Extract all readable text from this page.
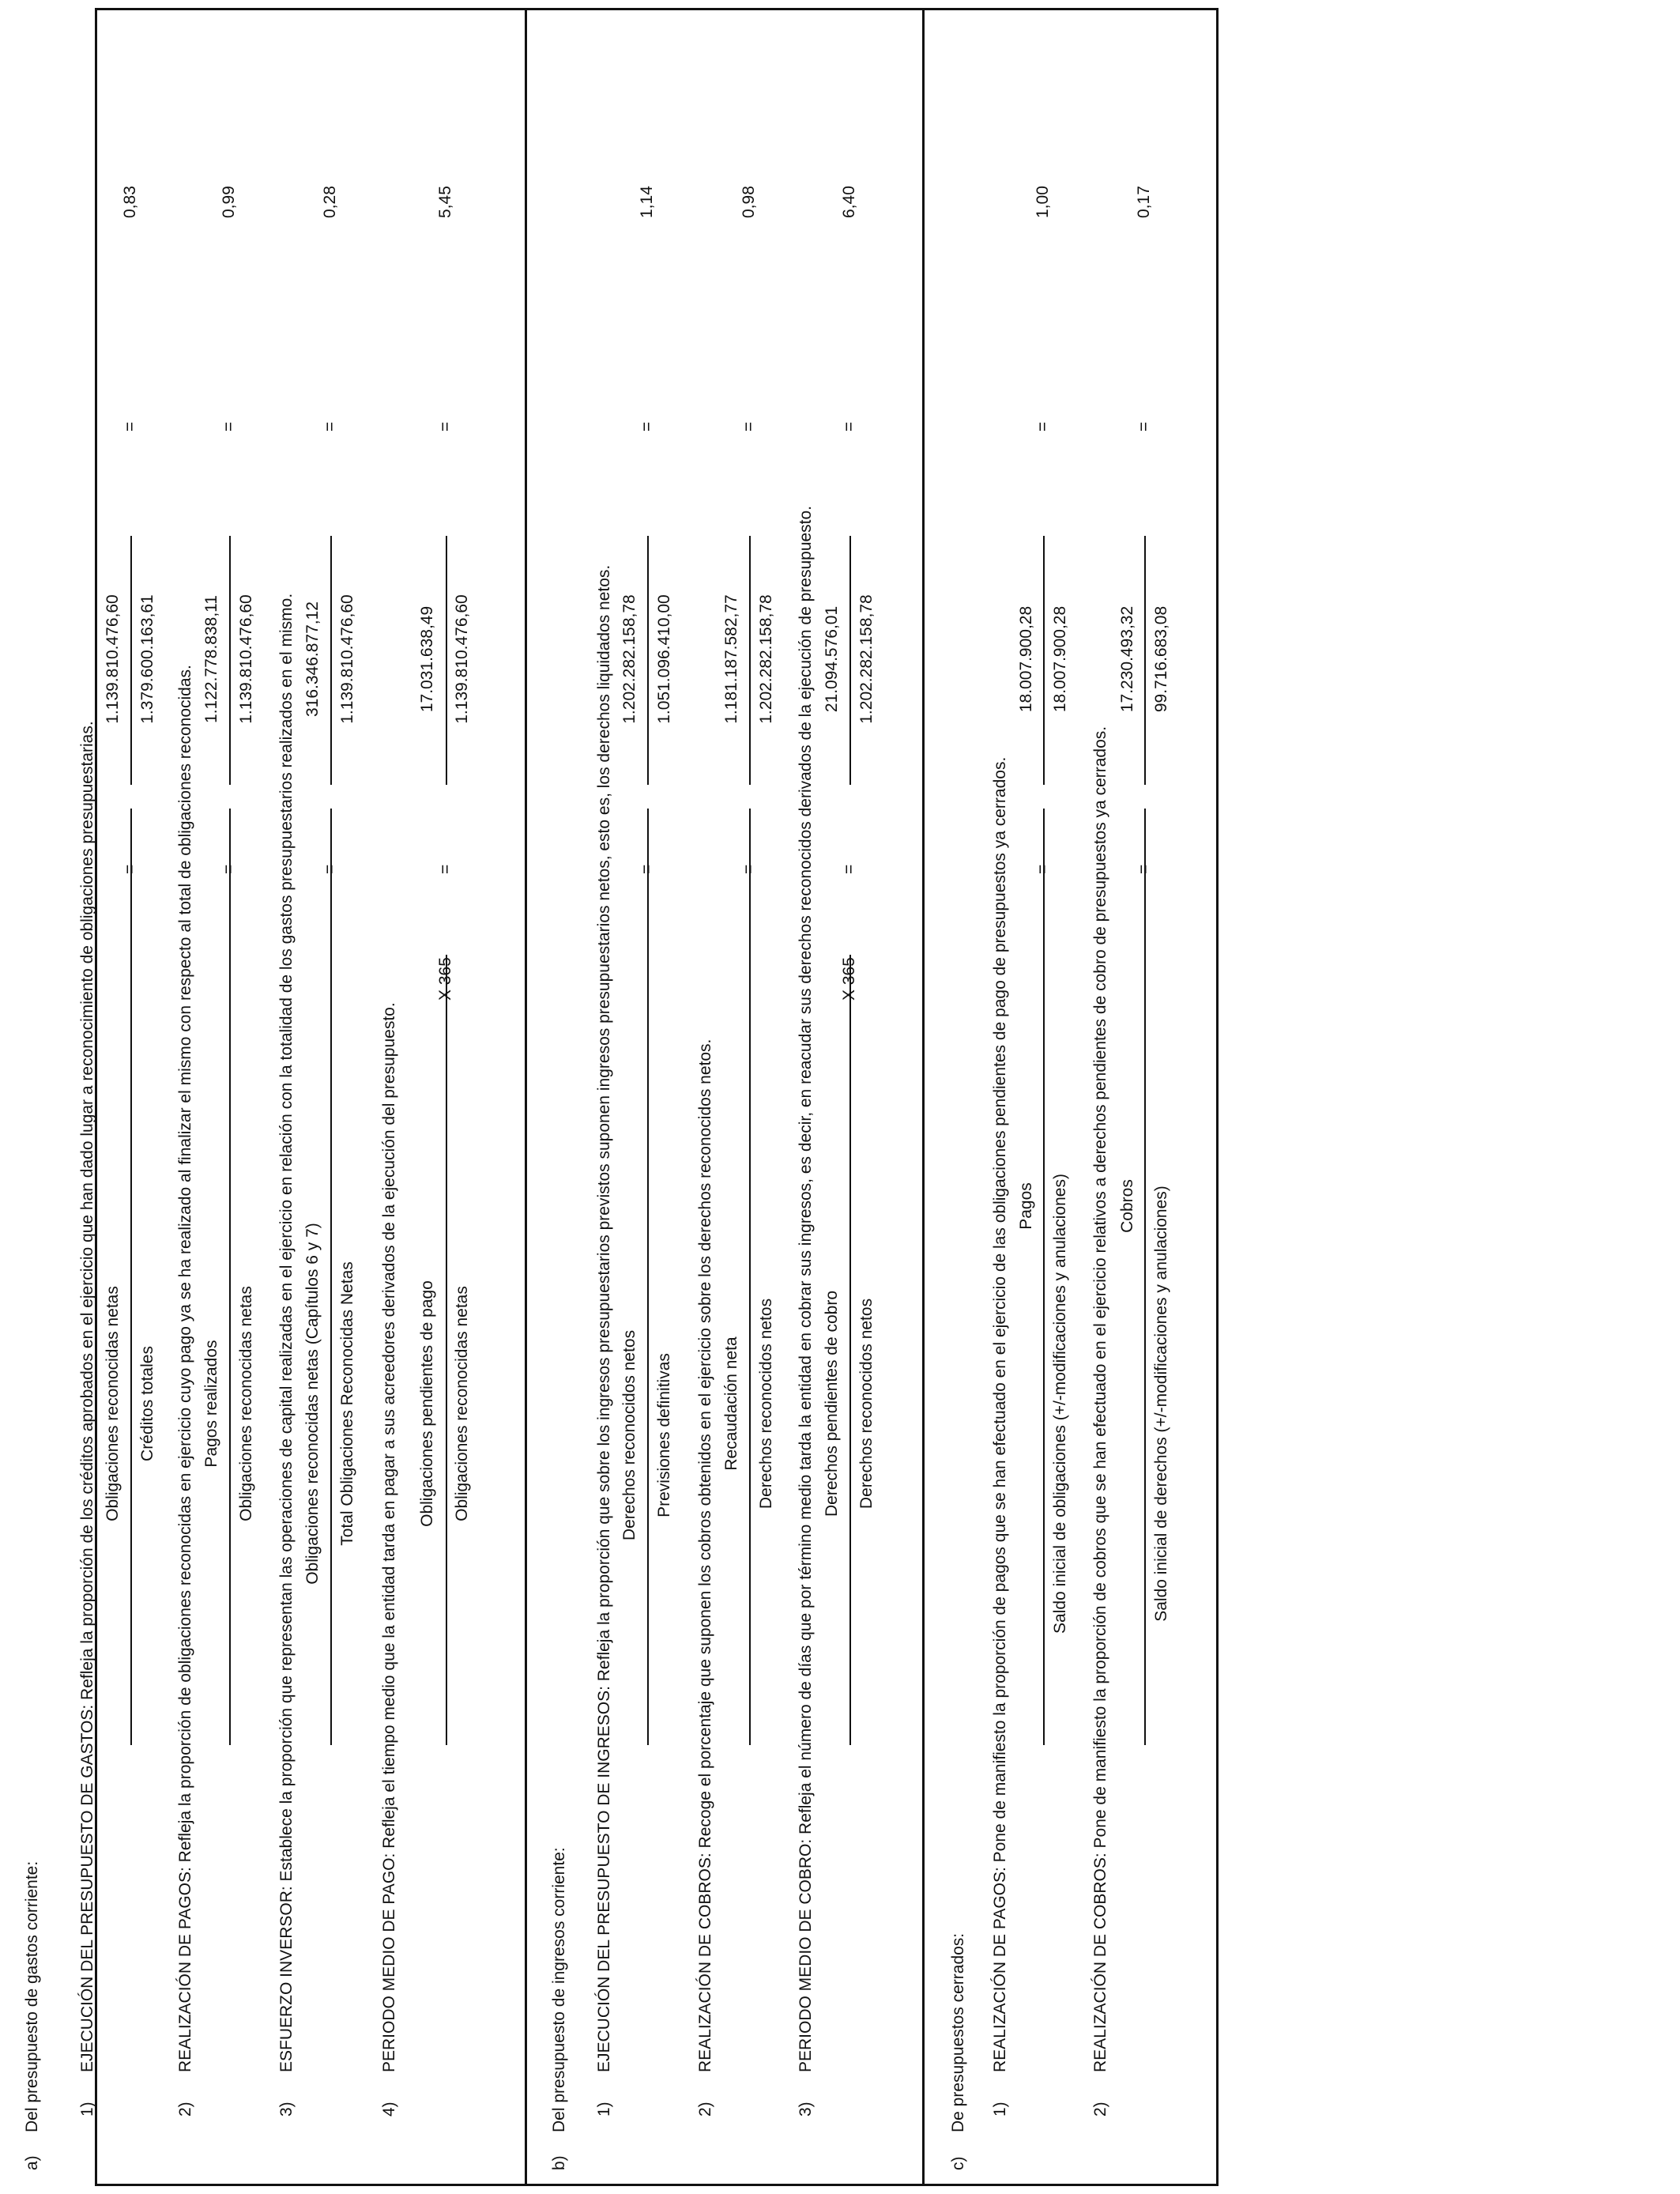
a)
Del presupuesto de gastos corriente: 1)
EJECUCIÓN DEL PRESUPUESTO DE GASTOS: Refleja la proporción de los créditos aprobados en el ejercicio que han dado lugar a reconocimiento de obligaciones presupuestarias. Obligaciones reconocidas netas Créditos totales
=
1.139.810.476,60 1.379.600.163,61
=
0,83
2)
REALIZACIÓN DE PAGOS: Refleja la proporción de obligaciones reconocidas en ejercicio cuyo pago ya se ha realizado al finalizar el mismo con respecto al total de obligaciones reconocidas. Pagos realizados Obligaciones reconocidas netas
=
1.122.778.838,11 1.139.810.476,60
=
0,99
3)
ESFUERZO INVERSOR: Establece la proporción que representan las operaciones de capital realizadas en el ejercicio en relación con la totalidad de los gastos presupuestarios realizados en el mismo. Obligaciones reconocidas netas (Capítulos 6 y 7) Total Obligaciones Reconocidas Netas
=
316.346.877,12 1.139.810.476,60
=
0,28
4)
PERIODO MEDIO DE PAGO: Refleja el tiempo medio que la entidad tarda en pagar a sus acreedores derivados de la ejecución del presupuesto. Obligaciones pendientes de pago Obligaciones reconocidas netas
X 365
=
17.031.638,49 1.139.810.476,60
=
5,45
b)
Del presupuesto de ingresos corriente: 1)
EJECUCIÓN DEL PRESUPUESTO DE INGRESOS: Refleja la proporción que sobre los ingresos presupuestarios previstos suponen ingresos presupuestarios netos, esto es, los derechos liquidados netos. Derechos reconocidos netos Previsiones definitivas
=
1.202.282.158,78 1.051.096.410,00
=
1,14
2)
REALIZACIÓN DE COBROS: Recoge el porcentaje que suponen los cobros obtenidos en el ejercicio sobre los derechos reconocidos netos. Recaudación neta Derechos reconocidos netos
=
1.181.187.582,77 1.202.282.158,78
=
0,98
3)
PERIODO MEDIO DE COBRO: Refleja el número de días que por término medio tarda la entidad en cobrar sus ingresos, es decir, en reacudar sus derechos reconocidos derivados de la ejecución de presupuesto. Derechos pendientes de cobro Derechos reconocidos netos
X 365
=
21.094.576,01 1.202.282.158,78
=
6,40
c)
De presupuestos cerrados: 1)
REALIZACIÓN DE PAGOS: Pone de manifiesto la proporción de pagos que se han efectuado en el ejercicio de las obligaciones pendientes de pago de presupuestos ya cerrados. Pagos Saldo inicial de obligaciones (+/-modificaciones y anulaciones)
=
18.007.900,28 18.007.900,28
=
1,00
2)
REALIZACIÓN DE COBROS: Pone de manifiesto la proporción de cobros que se han efectuado en el ejercicio relativos a derechos pendientes de cobro de presupuestos ya cerrados. Cobros Saldo inicial de derechos (+/-modificaciones y anulaciones)
=
17.230.493,32 99.716.683,08
=
0,17
